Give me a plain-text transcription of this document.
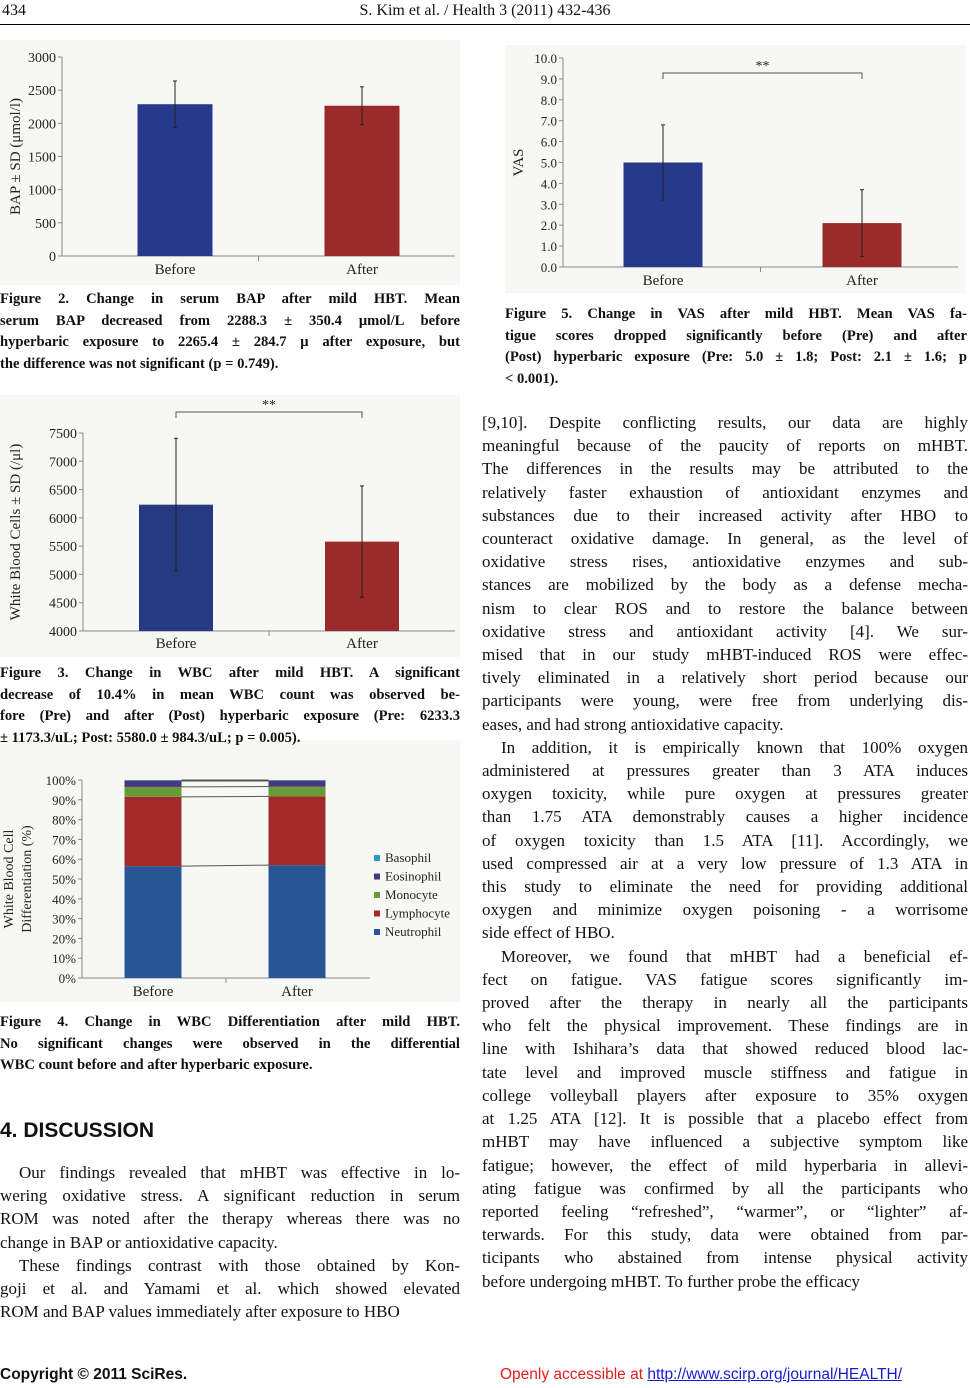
434	S. Kim et al. / Health 3 (2011) 432-436
0
500
1000
1500
2000
2500
3000
Before	After
BAP ± SD (μmol/l)
4000
4500
5000
5500
6000
6500
7000
7500
Before	After
White Blood Cells ± SD (/μl)
**
0%
10%
20%
30%
40%
50%
60%
70%
80%
90%
100%
Before	After
White Blood Cell Differentiation (%)	Basophil
Eosinophil
Monocyte
Lymphocyte
Neutrophil
0.0
1.0
2.0
3.0
4.0
5.0
6.0
7.0
8.0
9.0
10.0
Before	After
VAS
**
Figure 2. Change in serum BAP after mild HBT. Mean
serum BAP decreased from 2288.3 ± 350.4 μmol/L before
hyperbaric exposure to 2265.4 ± 284.7 μ after exposure, but
the difference was not significant (p = 0.749).
Figure 3. Change in WBC after mild HBT. A significant
decrease of 10.4% in mean WBC count was observed be-
fore (Pre) and after (Post) hyperbaric exposure (Pre: 6233.3
± 1173.3/uL; Post: 5580.0 ± 984.3/uL; p = 0.005).
Figure 4. Change in WBC Differentiation after mild HBT.
No significant changes were observed in the differential
WBC count before and after hyperbaric exposure.
Figure 5. Change in VAS after mild HBT. Mean VAS fa-
tigue scores dropped significantly before (Pre) and after
(Post) hyperbaric exposure (Pre: 5.0 ± 1.8; Post: 2.1 ± 1.6; p
< 0.001).
4. DISCUSSION
Our findings revealed that mHBT was effective in lo-
wering oxidative stress. A significant reduction in serum
ROM was noted after the therapy whereas there was no
change in BAP or antioxidative capacity.
These findings contrast with those obtained by Kon-
goji et al. and Yamami et al. which showed elevated
ROM and BAP values immediately after exposure to HBO
[9,10]. Despite conflicting results, our data are highly
meaningful because of the paucity of reports on mHBT.
The differences in the results may be attributed to the
relatively faster exhaustion of antioxidant enzymes and
substances due to their increased activity after HBO to
counteract oxidative damage. In general, as the level of
oxidative stress rises, antioxidative enzymes and sub-
stances are mobilized by the body as a defense mecha-
nism to clear ROS and to restore the balance between
oxidative stress and antioxidant activity [4]. We sur-
mised that in our study mHBT-induced ROS were effec-
tively eliminated in a relatively short period because our
participants were young, were free from underlying dis-
eases, and had strong antioxidative capacity.
In addition, it is empirically known that 100% oxygen
administered at pressures greater than 3 ATA induces
oxygen toxicity, while pure oxygen at pressures greater
than 1.75 ATA demonstrably causes a higher incidence
of oxygen toxicity than 1.5 ATA [11]. Accordingly, we
used compressed air at a very low pressure of 1.3 ATA in
this study to eliminate the need for providing additional
oxygen and minimize oxygen poisoning - a worrisome
side effect of HBO.
Moreover, we found that mHBT had a beneficial ef-
fect on fatigue. VAS fatigue scores significantly im-
proved after the therapy in nearly all the participants
who felt the physical improvement. These findings are in
line with Ishihara’s data that showed reduced blood lac-
tate level and improved muscle stiffness and fatigue in
college volleyball players after exposure to 35% oxygen
at 1.25 ATA [12]. It is possible that a placebo effect from
mHBT may have influenced a subjective symptom like
fatigue; however, the effect of mild hyperbaria in allevi-
ating fatigue was confirmed by all the participants who
reported feeling “refreshed”, “warmer”, or “lighter” af-
terwards. For this study, data were obtained from par-
ticipants who abstained from intense physical activity
before undergoing mHBT. To further probe the efficacy
Copyright © 2011 SciRes.	Openly accessible at http://www.scirp.org/journal/HEALTH/
